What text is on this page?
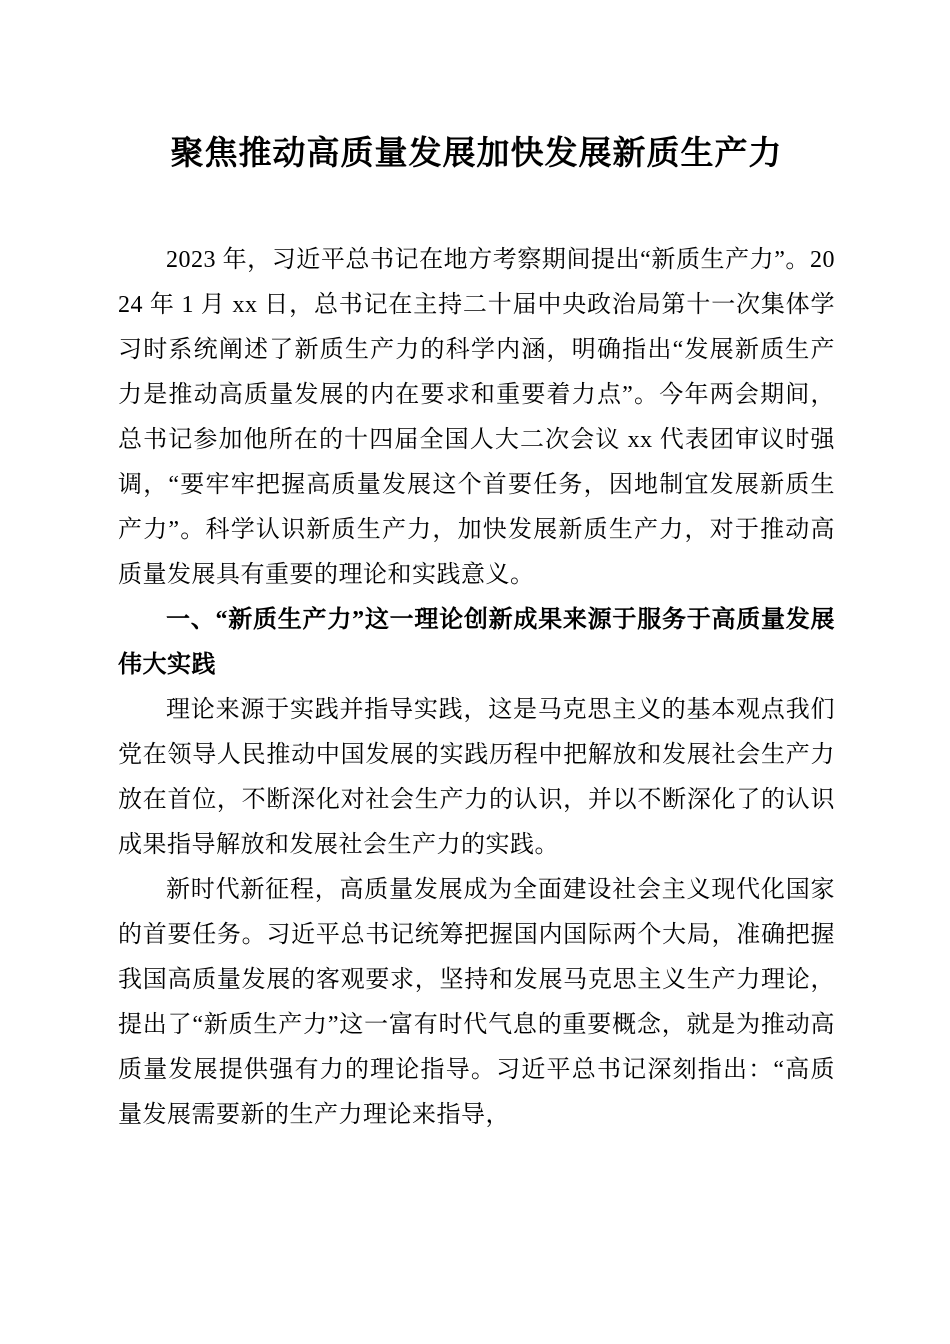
聚焦推动高质量发展加快发展新质生产力

2023 年，习近平总书记在地方考察期间提出“新质生产力”。2024 年 1 月 xx 日，总书记在主持二十届中央政治局第十一次集体学习时系统阐述了新质生产力的科学内涵，明确指出“发展新质生产力是推动高质量发展的内在要求和重要着力点”。今年两会期间，总书记参加他所在的十四届全国人大二次会议 xx 代表团审议时强调，“要牢牢把握高质量发展这个首要任务，因地制宜发展新质生产力”。科学认识新质生产力，加快发展新质生产力，对于推动高质量发展具有重要的理论和实践意义。

一、“新质生产力”这一理论创新成果来源于服务于高质量发展伟大实践

理论来源于实践并指导实践，这是马克思主义的基本观点我们党在领导人民推动中国发展的实践历程中把解放和发展社会生产力放在首位，不断深化对社会生产力的认识，并以不断深化了的认识成果指导解放和发展社会生产力的实践。

新时代新征程，高质量发展成为全面建设社会主义现代化国家的首要任务。习近平总书记统筹把握国内国际两个大局，准确把握我国高质量发展的客观要求，坚持和发展马克思主义生产力理论，提出了“新质生产力”这一富有时代气息的重要概念，就是为推动高质量发展提供强有力的理论指导。习近平总书记深刻指出：“高质量发展需要新的生产力理论来指导，
